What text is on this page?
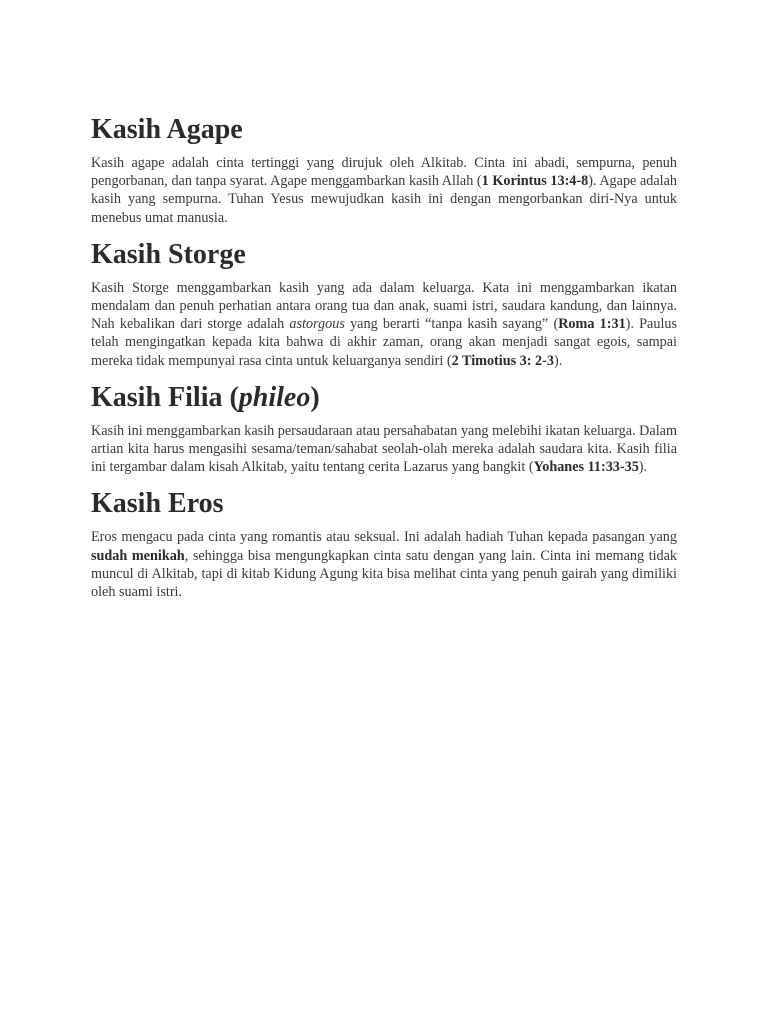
Kasih Agape

Kasih agape adalah cinta tertinggi yang dirujuk oleh Alkitab. Cinta ini abadi, sempurna, penuh pengorbanan, dan tanpa syarat. Agape menggambarkan kasih Allah (1 Korintus 13:4-8). Agape adalah kasih yang sempurna. Tuhan Yesus mewujudkan kasih ini dengan mengorbankan diri-Nya untuk menebus umat manusia.

Kasih Storge

Kasih Storge menggambarkan kasih yang ada dalam keluarga. Kata ini menggambarkan ikatan mendalam dan penuh perhatian antara orang tua dan anak, suami istri, saudara kandung, dan lainnya. Nah kebalikan dari storge adalah astorgous yang berarti “tanpa kasih sayang” (Roma 1:31). Paulus telah mengingatkan kepada kita bahwa di akhir zaman, orang akan menjadi sangat egois, sampai mereka tidak mempunyai rasa cinta untuk keluarganya sendiri (2 Timotius 3: 2-3).

Kasih Filia (phileo)

Kasih ini menggambarkan kasih persaudaraan atau persahabatan yang melebihi ikatan keluarga. Dalam artian kita harus mengasihi sesama/teman/sahabat seolah-olah mereka adalah saudara kita. Kasih filia ini tergambar dalam kisah Alkitab, yaitu tentang cerita Lazarus yang bangkit (Yohanes 11:33-35).

Kasih Eros

Eros mengacu pada cinta yang romantis atau seksual. Ini adalah hadiah Tuhan kepada pasangan yang sudah menikah, sehingga bisa mengungkapkan cinta satu dengan yang lain. Cinta ini memang tidak muncul di Alkitab, tapi di kitab Kidung Agung kita bisa melihat cinta yang penuh gairah yang dimiliki oleh suami istri.
